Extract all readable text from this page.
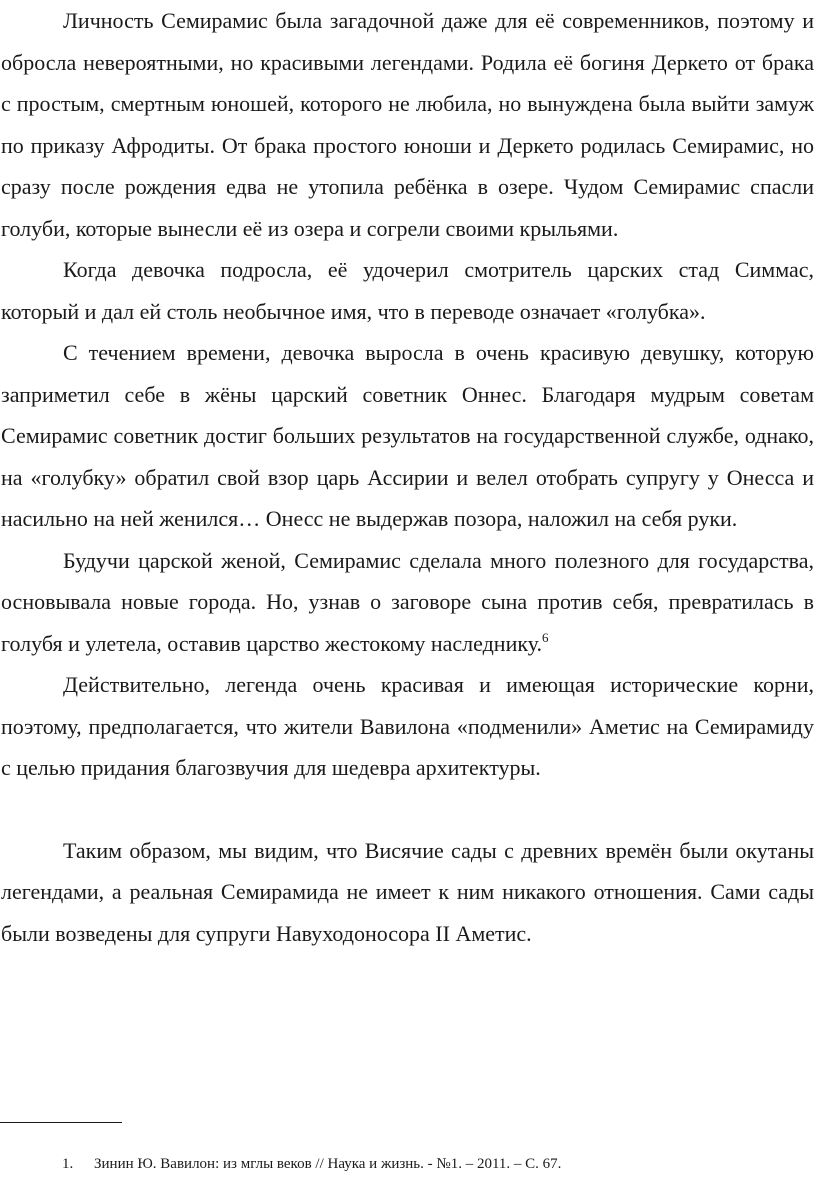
Личность Семирамис была загадочной даже для её современников, поэтому и обросла невероятными, но красивыми легендами. Родила её богиня Деркето от брака с простым, смертным юношей, которого не любила, но вынуждена была выйти замуж по приказу Афродиты. От брака простого юноши и Деркето родилась Семирамис, но сразу после рождения едва не утопила ребёнка в озере. Чудом Семирамис спасли голуби, которые вынесли её из озера и согрели своими крыльями.

Когда девочка подросла, её удочерил смотритель царских стад Симмас, который и дал ей столь необычное имя, что в переводе означает «голубка».

С течением времени, девочка выросла в очень красивую девушку, которую заприметил себе в жёны царский советник Оннес. Благодаря мудрым советам Семирамис советник достиг больших результатов на государственной службе, однако, на «голубку» обратил свой взор царь Ассирии и велел отобрать супругу у Онесса и насильно на ней женился… Онесс не выдержав позора, наложил на себя руки.

Будучи царской женой, Семирамис сделала много полезного для государства, основывала новые города. Но, узнав о заговоре сына против себя, превратилась в голубя и улетела, оставив царство жестокому наследнику.$^6$

Действительно, легенда очень красивая и имеющая исторические корни, поэтому, предполагается, что жители Вавилона «подменили» Аметис на Семирамиду с целью придания благозвучия для шедевра архитектуры.

Таким образом, мы видим, что Висячие сады с древних времён были окутаны легендами, а реальная Семирамида не имеет к ним никакого отношения. Сами сады были возведены для супруги Навуходоносора II Аметис.

1. Зинин Ю. Вавилон: из мглы веков // Наука и жизнь. - №1. – 2011. – С. 67.
